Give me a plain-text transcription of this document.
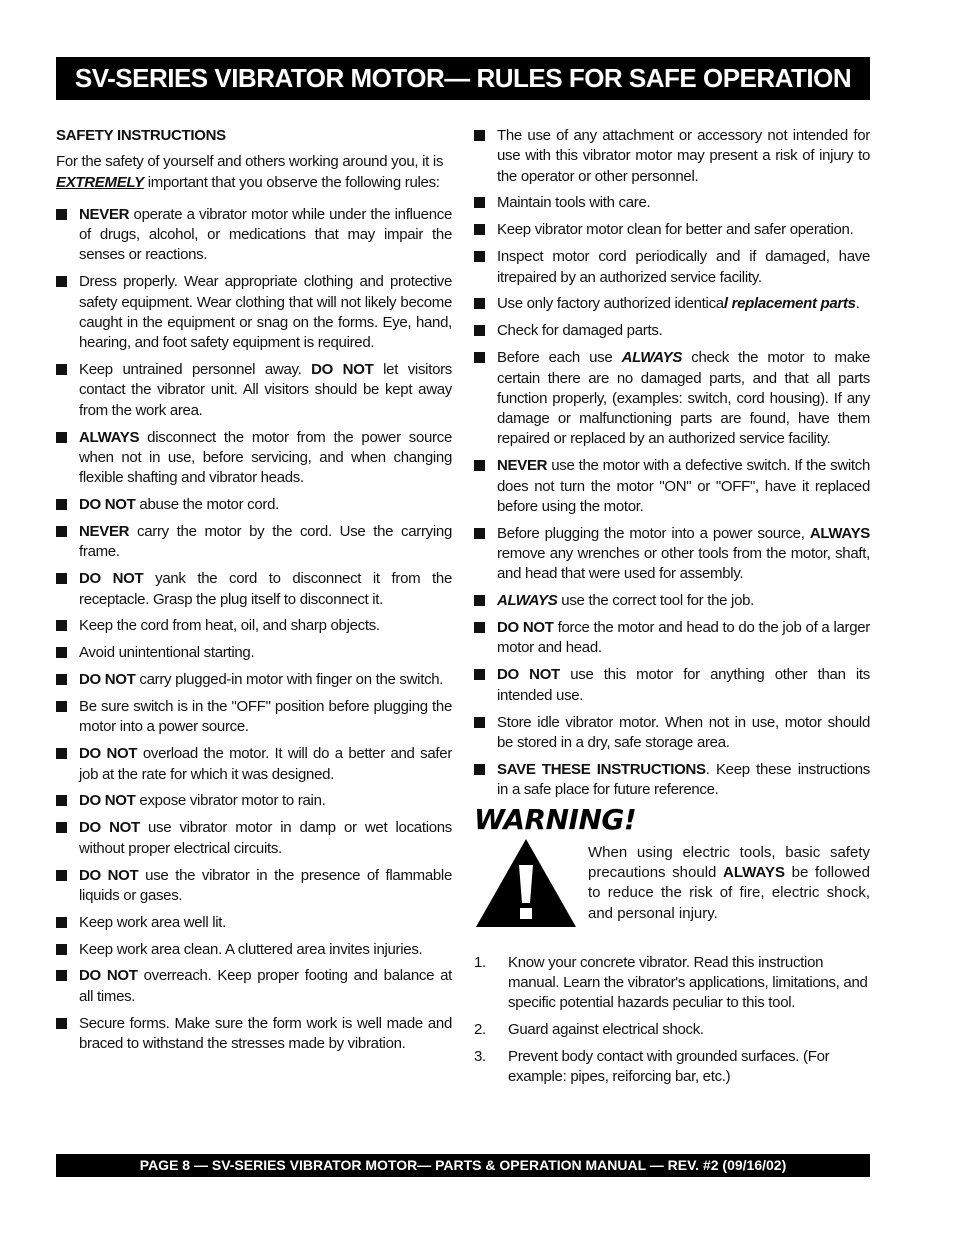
SV-SERIES VIBRATOR MOTOR— RULES FOR SAFE OPERATION
SAFETY INSTRUCTIONS

For the safety of yourself and others working around you, it is EXTREMELY important that you observe the following rules:

NEVER operate a vibrator motor while under the influence of drugs, alcohol, or medications that may impair the senses or reactions.
Dress properly. Wear appropriate clothing and protective safety equipment. Wear clothing that will not likely become caught in the equipment or snag on the forms. Eye, hand, hearing, and foot safety equipment is required.
Keep untrained personnel away. DO NOT let visitors contact the vibrator unit. All visitors should be kept away from the work area.
ALWAYS disconnect the motor from the power source when not in use, before servicing, and when changing flexible shafting and vibrator heads.
DO NOT abuse the motor cord.
NEVER carry the motor by the cord. Use the carrying frame.
DO NOT yank the cord to disconnect it from the receptacle. Grasp the plug itself to disconnect it.
Keep the cord from heat, oil, and sharp objects.
Avoid unintentional starting.
DO NOT carry plugged-in motor with finger on the switch.
Be sure switch is in the "OFF" position before plugging the motor into a power source.
DO NOT overload the motor. It will do a better and safer job at the rate for which it was designed.
DO NOT expose vibrator motor to rain.
DO NOT use vibrator motor in damp or wet locations without proper electrical circuits.
DO NOT use the vibrator in the presence of flammable liquids or gases.
Keep work area well lit.
Keep work area clean. A cluttered area invites injuries.
DO NOT overreach. Keep proper footing and balance at all times.
Secure forms. Make sure the form work is well made and braced to withstand the stresses made by vibration.
The use of any attachment or accessory not intended for use with this vibrator motor may present a risk of injury to the operator or other personnel.
Maintain tools with care.
Keep vibrator motor clean for better and safer operation.
Inspect motor cord periodically and if damaged, have itrepaired by an authorized service facility.
Use only factory authorized identical replacement parts.
Check for damaged parts.
Before each use ALWAYS check the motor to make certain there are no damaged parts, and that all parts function properly, (examples: switch, cord housing). If any damage or malfunctioning parts are found, have them repaired or replaced by an authorized service facility.
NEVER use the motor with a defective switch. If the switch does not turn the motor "ON" or "OFF", have it replaced before using the motor.
Before plugging the motor into a power source, ALWAYS remove any wrenches or other tools from the motor, shaft, and head that were used for assembly.
ALWAYS use the correct tool for the job.
DO NOT force the motor and head to do the job of a larger motor and head.
DO NOT use this motor for anything other than its intended use.
Store idle vibrator motor. When not in use, motor should be stored in a dry, safe storage area.
SAVE THESE INSTRUCTIONS. Keep these instructions in a safe place for future reference.
WARNING!
When using electric tools, basic safety precautions should ALWAYS be followed to reduce the risk of fire, electric shock, and personal injury.
1. Know your concrete vibrator. Read this instruction manual. Learn the vibrator's applications, limitations, and specific potential hazards peculiar to this tool.
2. Guard against electrical shock.
3. Prevent body contact with grounded surfaces. (For example: pipes, reiforcing bar, etc.)
PAGE 8 — SV-SERIES VIBRATOR MOTOR— PARTS & OPERATION MANUAL — REV. #2 (09/16/02)
